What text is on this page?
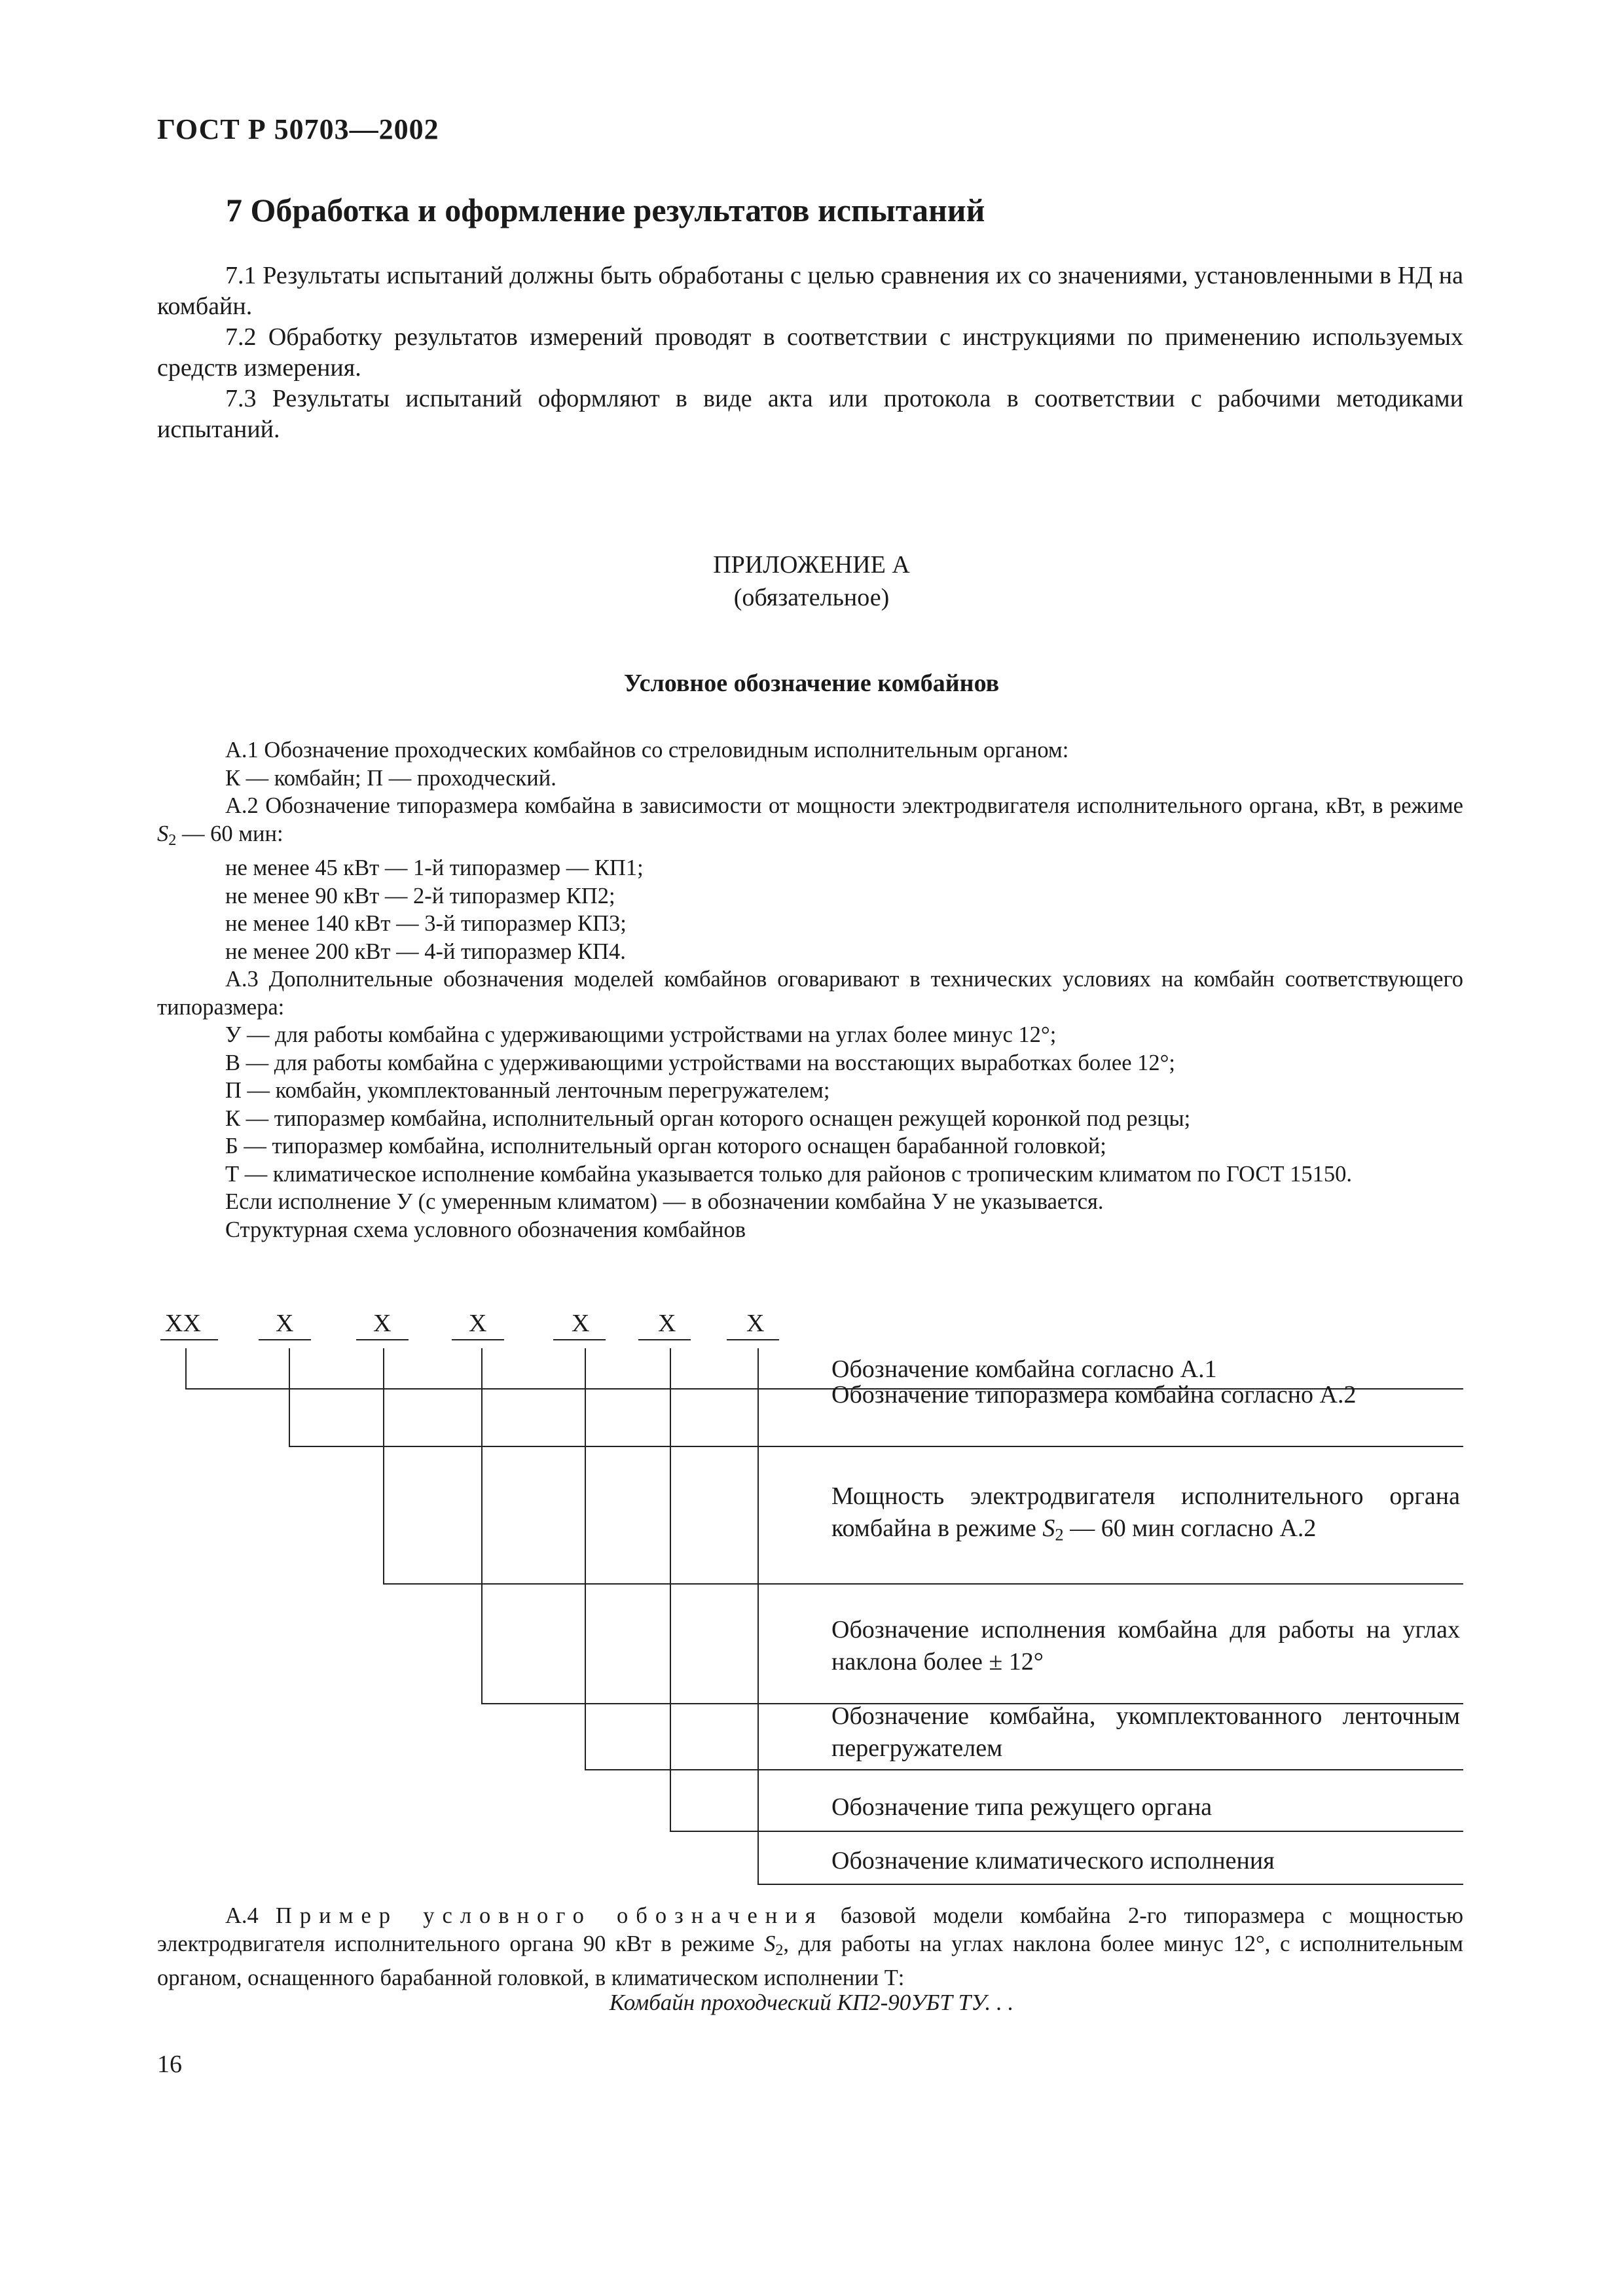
ГОСТ Р 50703—2002
7 Обработка и оформление результатов испытаний

7.1 Результаты испытаний должны быть обработаны с целью сравнения их со значениями, установленными в НД на комбайн.

7.2 Обработку результатов измерений проводят в соответствии с инструкциями по применению используемых средств измерения.

7.3 Результаты испытаний оформляют в виде акта или протокола в соответствии с рабочими методиками испытаний.

ПРИЛОЖЕНИЕ А
(обязательное)
Условное обозначение комбайнов

А.1 Обозначение проходческих комбайнов со стреловидным исполнительным органом:

К — комбайн; П — проходческий.

А.2 Обозначение типоразмера комбайна в зависимости от мощности электродвигателя исполнительного органа, кВт, в режиме $S_2$ — 60 мин:

не менее 45 кВт — 1-й типоразмер — КП1;

не менее 90 кВт — 2-й типоразмер КП2;

не менее 140 кВт — 3-й типоразмер КП3;

не менее 200 кВт — 4-й типоразмер КП4.

А.3 Дополнительные обозначения моделей комбайнов оговаривают в технических условиях на комбайн соответствующего типоразмера:

У — для работы комбайна с удерживающими устройствами на углах более минус 12°;

В — для работы комбайна с удерживающими устройствами на восстающих выработках более 12°;

П — комбайн, укомплектованный ленточным перегружателем;

К — типоразмер комбайна, исполнительный орган которого оснащен режущей коронкой под резцы;

Б — типоразмер комбайна, исполнительный орган которого оснащен барабанной головкой;

Т — климатическое исполнение комбайна указывается только для районов с тропическим климатом по ГОСТ 15150.

Если исполнение У (с умеренным климатом) — в обозначении комбайна У не указывается.

Структурная схема условного обозначения комбайнов

XX	X	X	X	X	X	X
Обозначение комбайна согласно А.1
Обозначение типоразмера комбайна согласно А.2
Мощность электродвигателя исполнительного органа комбайна в режиме $S_2$ — 60 мин согласно А.2
Обозначение исполнения комбайна для работы на углах наклона более ± 12°
Обозначение комбайна, укомплектованного ленточным перегружателем
Обозначение типа режущего органа
Обозначение климатического исполнения

А.4 Пример условного обозначения базовой модели комбайна 2-го типоразмера с мощностью электродвигателя исполнительного органа 90 кВт в режиме $S_2$, для работы на углах наклона более минус 12°, с исполнительным органом, оснащенного барабанной головкой, в климатическом исполнении Т:

Комбайн проходческий КП2-90УБТ ТУ. . .
16
